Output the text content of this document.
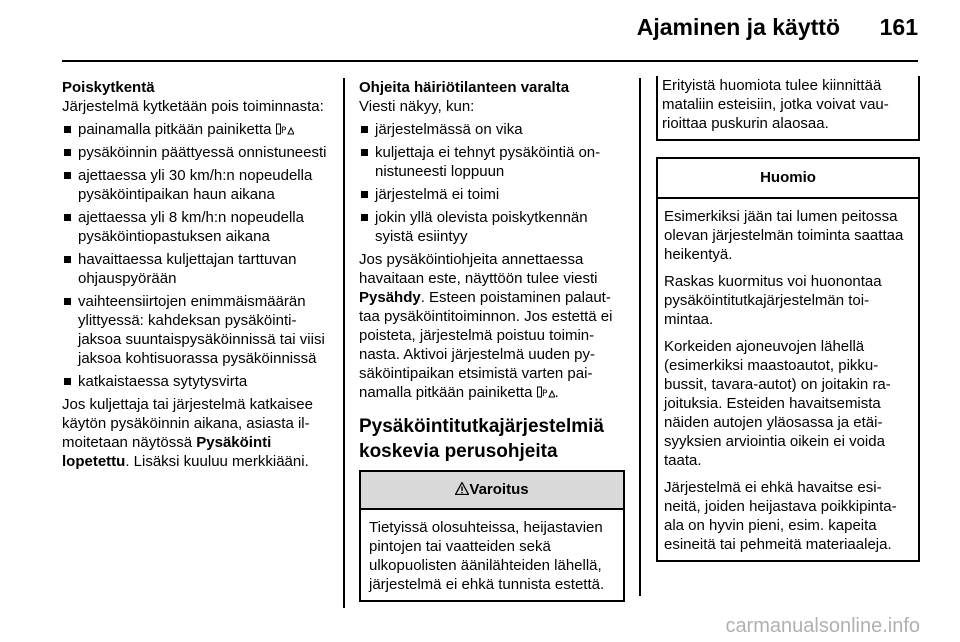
Ajaminen ja käyttö 161

Poiskytkentä

Järjestelmä kytketään pois toiminnasta:

painamalla pitkään painiketta P
pysäköinnin päättyessä onnistuneesti
ajettaessa yli 30 km/h:n nopeudella pysäköintipaikan haun aikana
ajettaessa yli 8 km/h:n nopeudella pysäköintiopastuksen aikana
havaittaessa kuljettajan tarttuvan ohjauspyörään
vaihteensiirtojen enimmäismäärän ylittyessä: kahdeksan pysäköintijaksoa suuntaispysäköinnissä tai viisi jaksoa kohtisuorassa pysäköinnissä
katkaistaessa sytytysvirta

Jos kuljettaja tai järjestelmä katkaisee käytön pysäköinnin aikana, asiasta ilmoitetaan näytössä Pysäköinti lopetettu. Lisäksi kuuluu merkkiääni.

Ohjeita häiriötilanteen varalta

Viesti näkyy, kun:

järjestelmässä on vika
kuljettaja ei tehnyt pysäköintiä onnistuneesti loppuun
järjestelmä ei toimi
jokin yllä olevista poiskytkennän syistä esiintyy

Jos pysäköintiohjeita annettaessa havaitaan este, näyttöön tulee viesti Pysähdy. Esteen poistaminen palauttaa pysäköintitoiminnon. Jos estettä ei poisteta, järjestelmä poistuu toiminnasta. Aktivoi järjestelmä uuden pysäköintipaikan etsimistä varten painamalla pitkään painiketta P .

Pysäköintitutkajärjestelmiä koskevia perusohjeita

Varoitus
Tietyissä olosuhteissa, heijastavien pintojen tai vaatteiden sekä ulkopuolisten äänilähteiden lähellä, järjestelmä ei ehkä tunnista estettä.

Erityistä huomiota tulee kiinnittää mataliin esteisiin, jotka voivat vaurioittaa puskurin alaosaa.

Huomio

Esimerkiksi jään tai lumen peitossa olevan järjestelmän toiminta saattaa heikentyä.

Raskas kuormitus voi huonontaa pysäköintitutkajärjestelmän toimintaa.

Korkeiden ajoneuvojen lähellä (esimerkiksi maastoautot, pikkubussit, tavara-autot) on joitakin rajoituksia. Esteiden havaitsemista näiden autojen yläosassa ja etäisyyksien arviointia oikein ei voida taata.

Järjestelmä ei ehkä havaitse esineitä, joiden heijastava poikkipinta-ala on hyvin pieni, esim. kapeita esineitä tai pehmeitä materiaaleja.

carmanualsonline.info
